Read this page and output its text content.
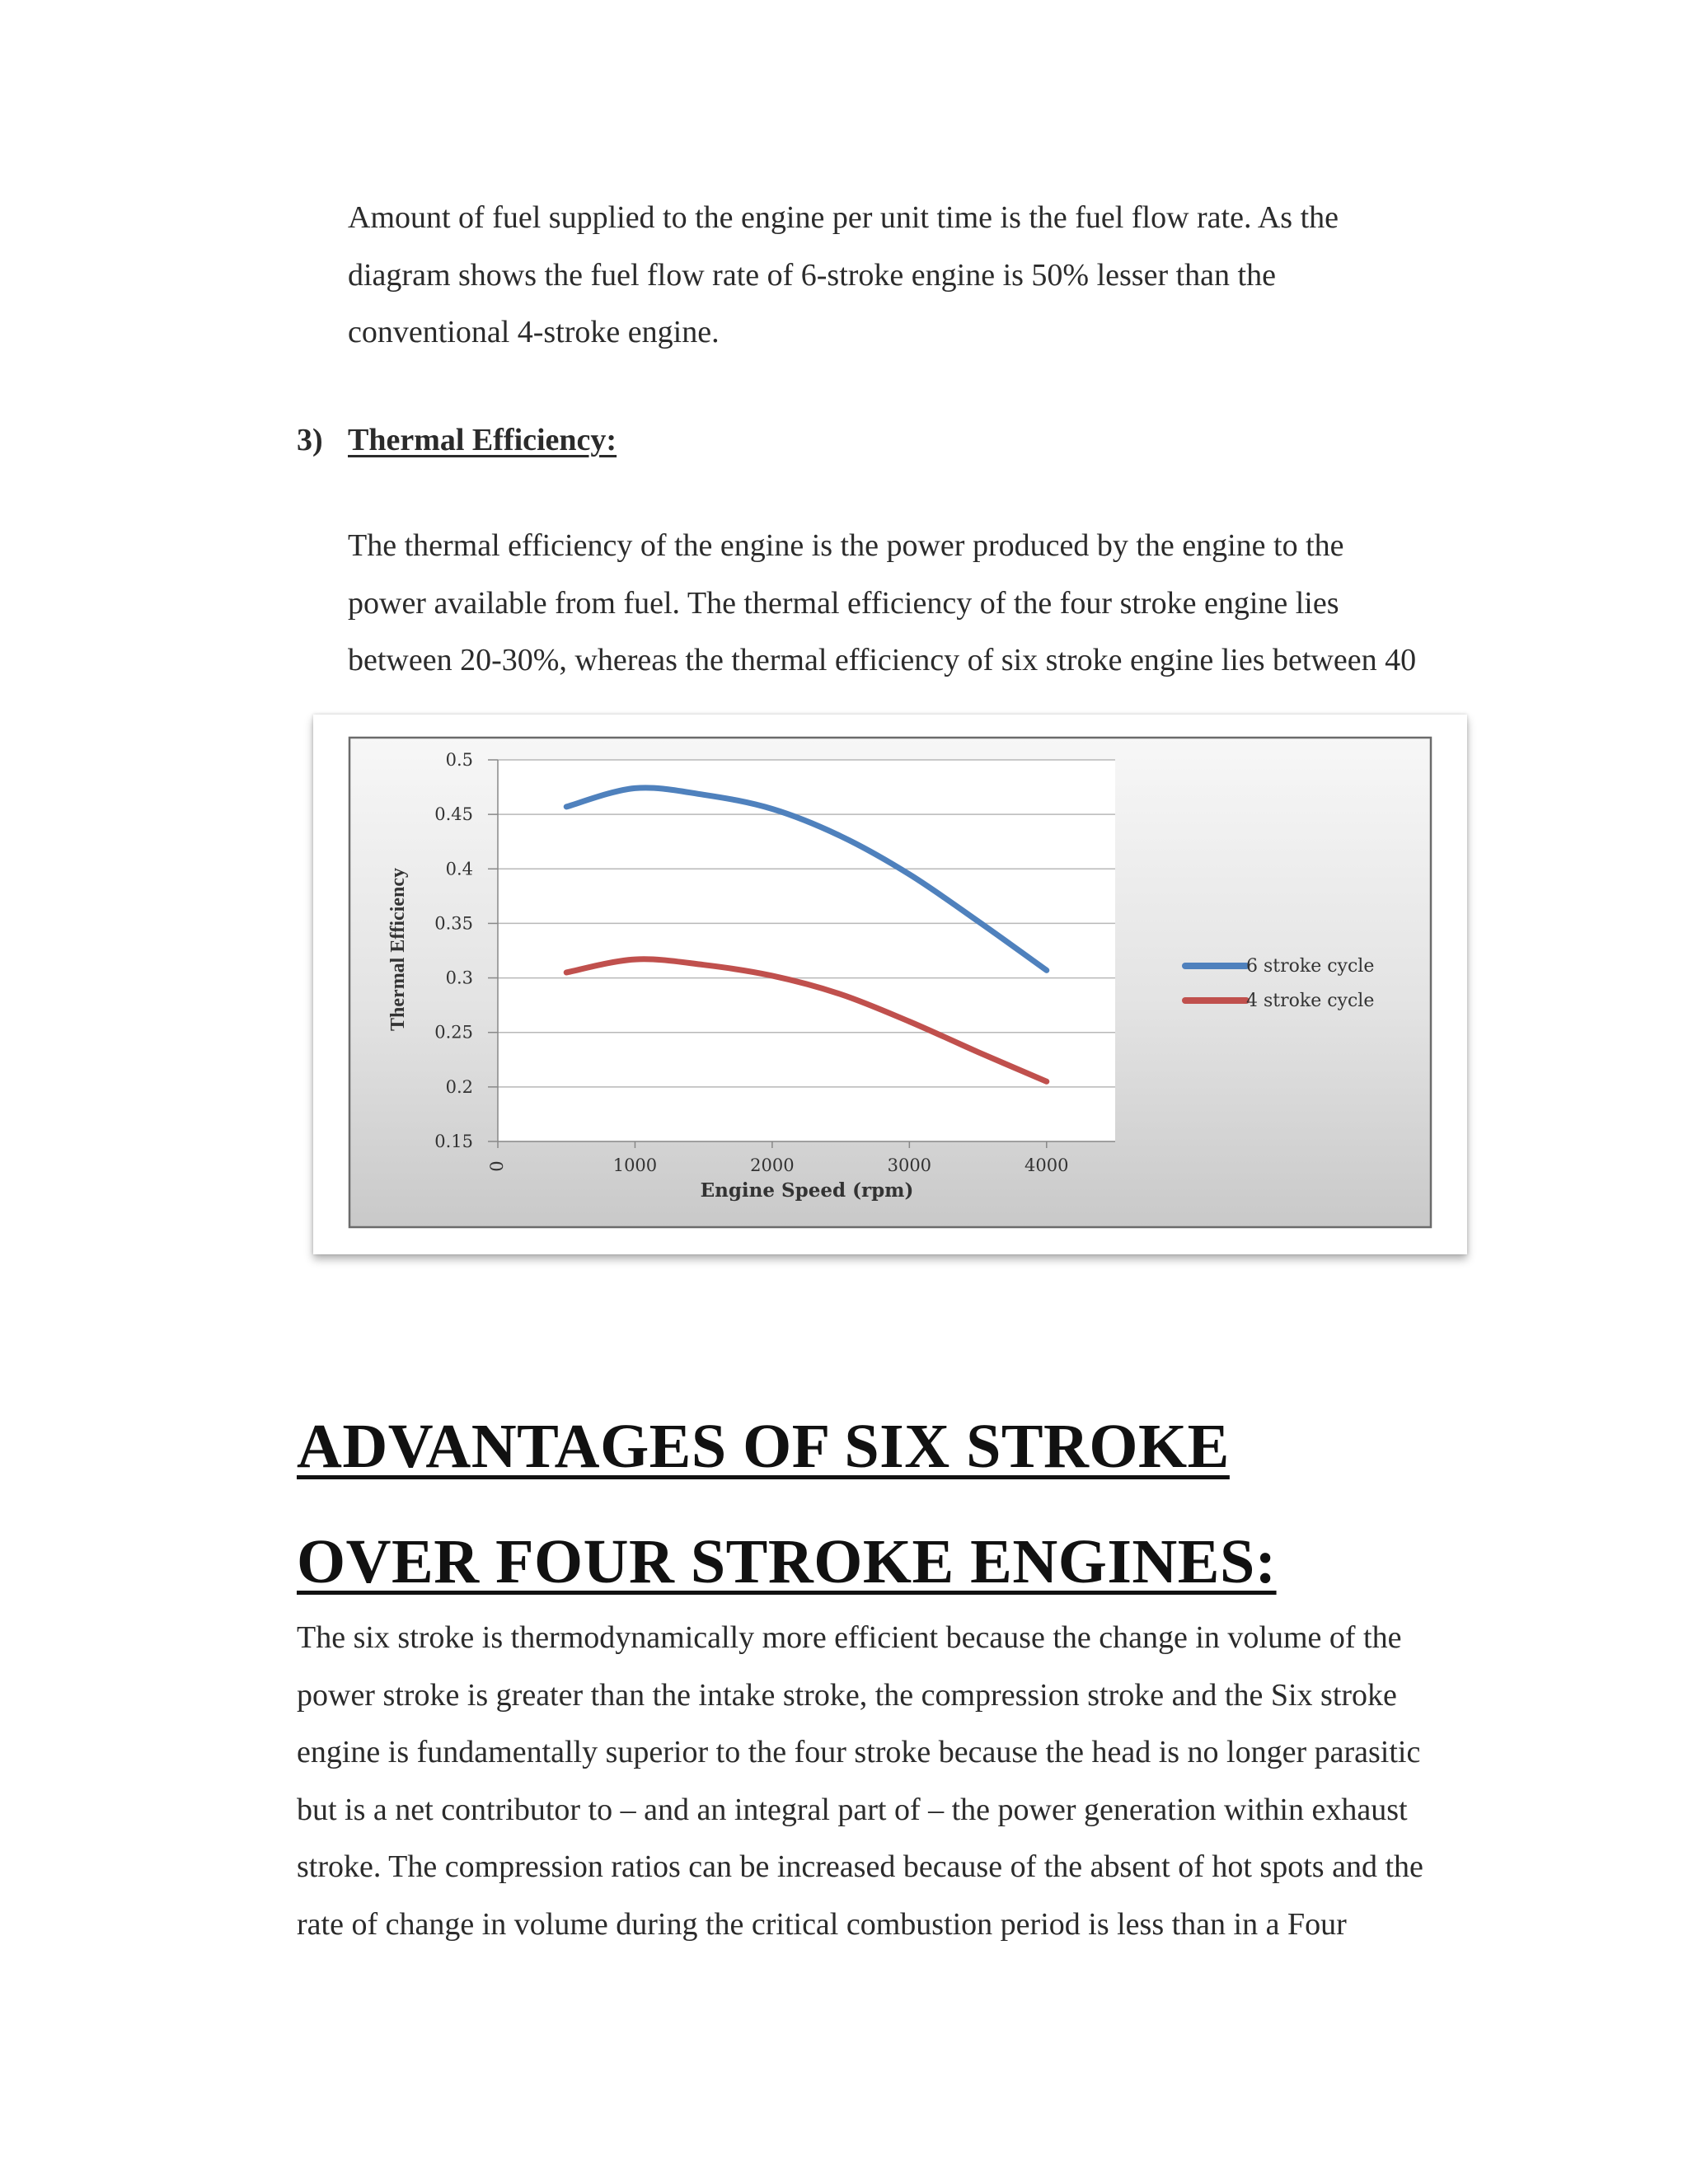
Amount of fuel supplied to the engine per unit time is the fuel flow rate. As the
diagram shows the fuel flow rate of 6-stroke engine is 50% lesser than the
conventional 4-stroke engine.
3) Thermal Efficiency:
The thermal efficiency of the engine is the power produced by the engine to the
power available from fuel. The thermal efficiency of the four stroke engine lies
between 20-30%, whereas the thermal efficiency of six stroke engine lies between 40
0.5
0.45
0.4
0.35
0.3
0.25
0.2
0.15
0	1000	2000	3000	4000
6 stroke cycle
4 stroke cycle
Thermal Efficiency
Engine Speed (rpm)
ADVANTAGES OF SIX STROKE
OVER FOUR STROKE ENGINES:
The six stroke is thermodynamically more efficient because the change in volume of the
power stroke is greater than the intake stroke, the compression stroke and the Six stroke
engine is fundamentally superior to the four stroke because the head is no longer parasitic
but is a net contributor to – and an integral part of – the power generation within exhaust
stroke. The compression ratios can be increased because of the absent of hot spots and the
rate of change in volume during the critical combustion period is less than in a Four
